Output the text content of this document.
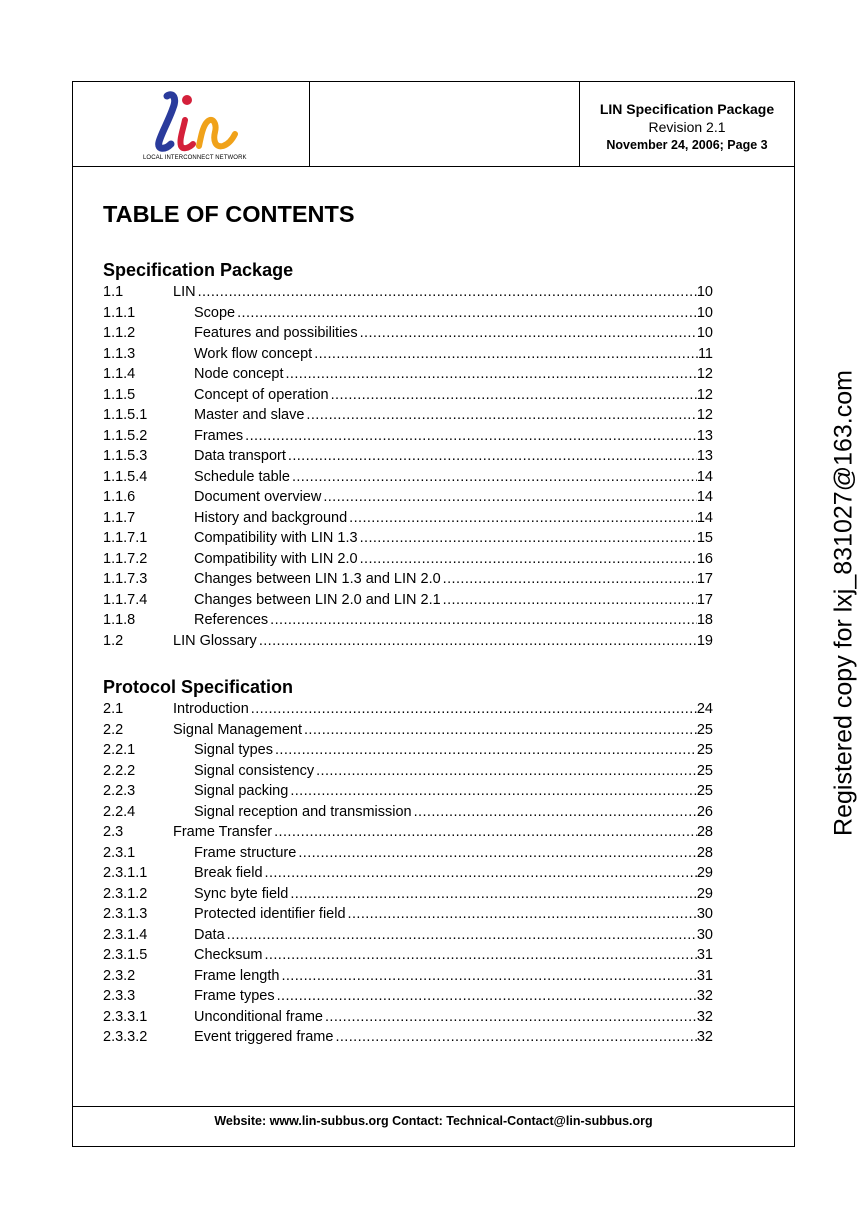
LOCAL INTERCONNECT NETWORK
LIN Specification Package
Revision 2.1
November 24, 2006; Page 3
TABLE OF CONTENTS
Specification Package
1.1	LIN .....	10
1.1.1	Scope .....	10
1.1.2	Features and possibilities .....	10
1.1.3	Work flow concept .....	11
1.1.4	Node concept .....	12
1.1.5	Concept of operation .....	12
1.1.5.1	Master and slave .....	12
1.1.5.2	Frames .....	13
1.1.5.3	Data transport .....	13
1.1.5.4	Schedule table .....	14
1.1.6	Document overview .....	14
1.1.7	History and background .....	14
1.1.7.1	Compatibility with LIN 1.3 .....	15
1.1.7.2	Compatibility with LIN 2.0 .....	16
1.1.7.3	Changes between LIN 1.3 and LIN 2.0 .....	17
1.1.7.4	Changes between LIN 2.0 and LIN 2.1 .....	17
1.1.8	References .....	18
1.2	LIN Glossary .....	19
Protocol Specification
2.1	Introduction .....	24
2.2	Signal Management .....	25
2.2.1	Signal types .....	25
2.2.2	Signal consistency .....	25
2.2.3	Signal packing .....	25
2.2.4	Signal reception and transmission .....	26
2.3	Frame Transfer .....	28
2.3.1	Frame structure .....	28
2.3.1.1	Break field .....	29
2.3.1.2	Sync byte field .....	29
2.3.1.3	Protected identifier field .....	30
2.3.1.4	Data .....	30
2.3.1.5	Checksum .....	31
2.3.2	Frame length .....	31
2.3.3	Frame types .....	32
2.3.3.1	Unconditional frame .....	32
2.3.3.2	Event triggered frame .....	32
Website: www.lin-subbus.org Contact: Technical-Contact@lin-subbus.org
Registered copy for lxj_831027@163.com
